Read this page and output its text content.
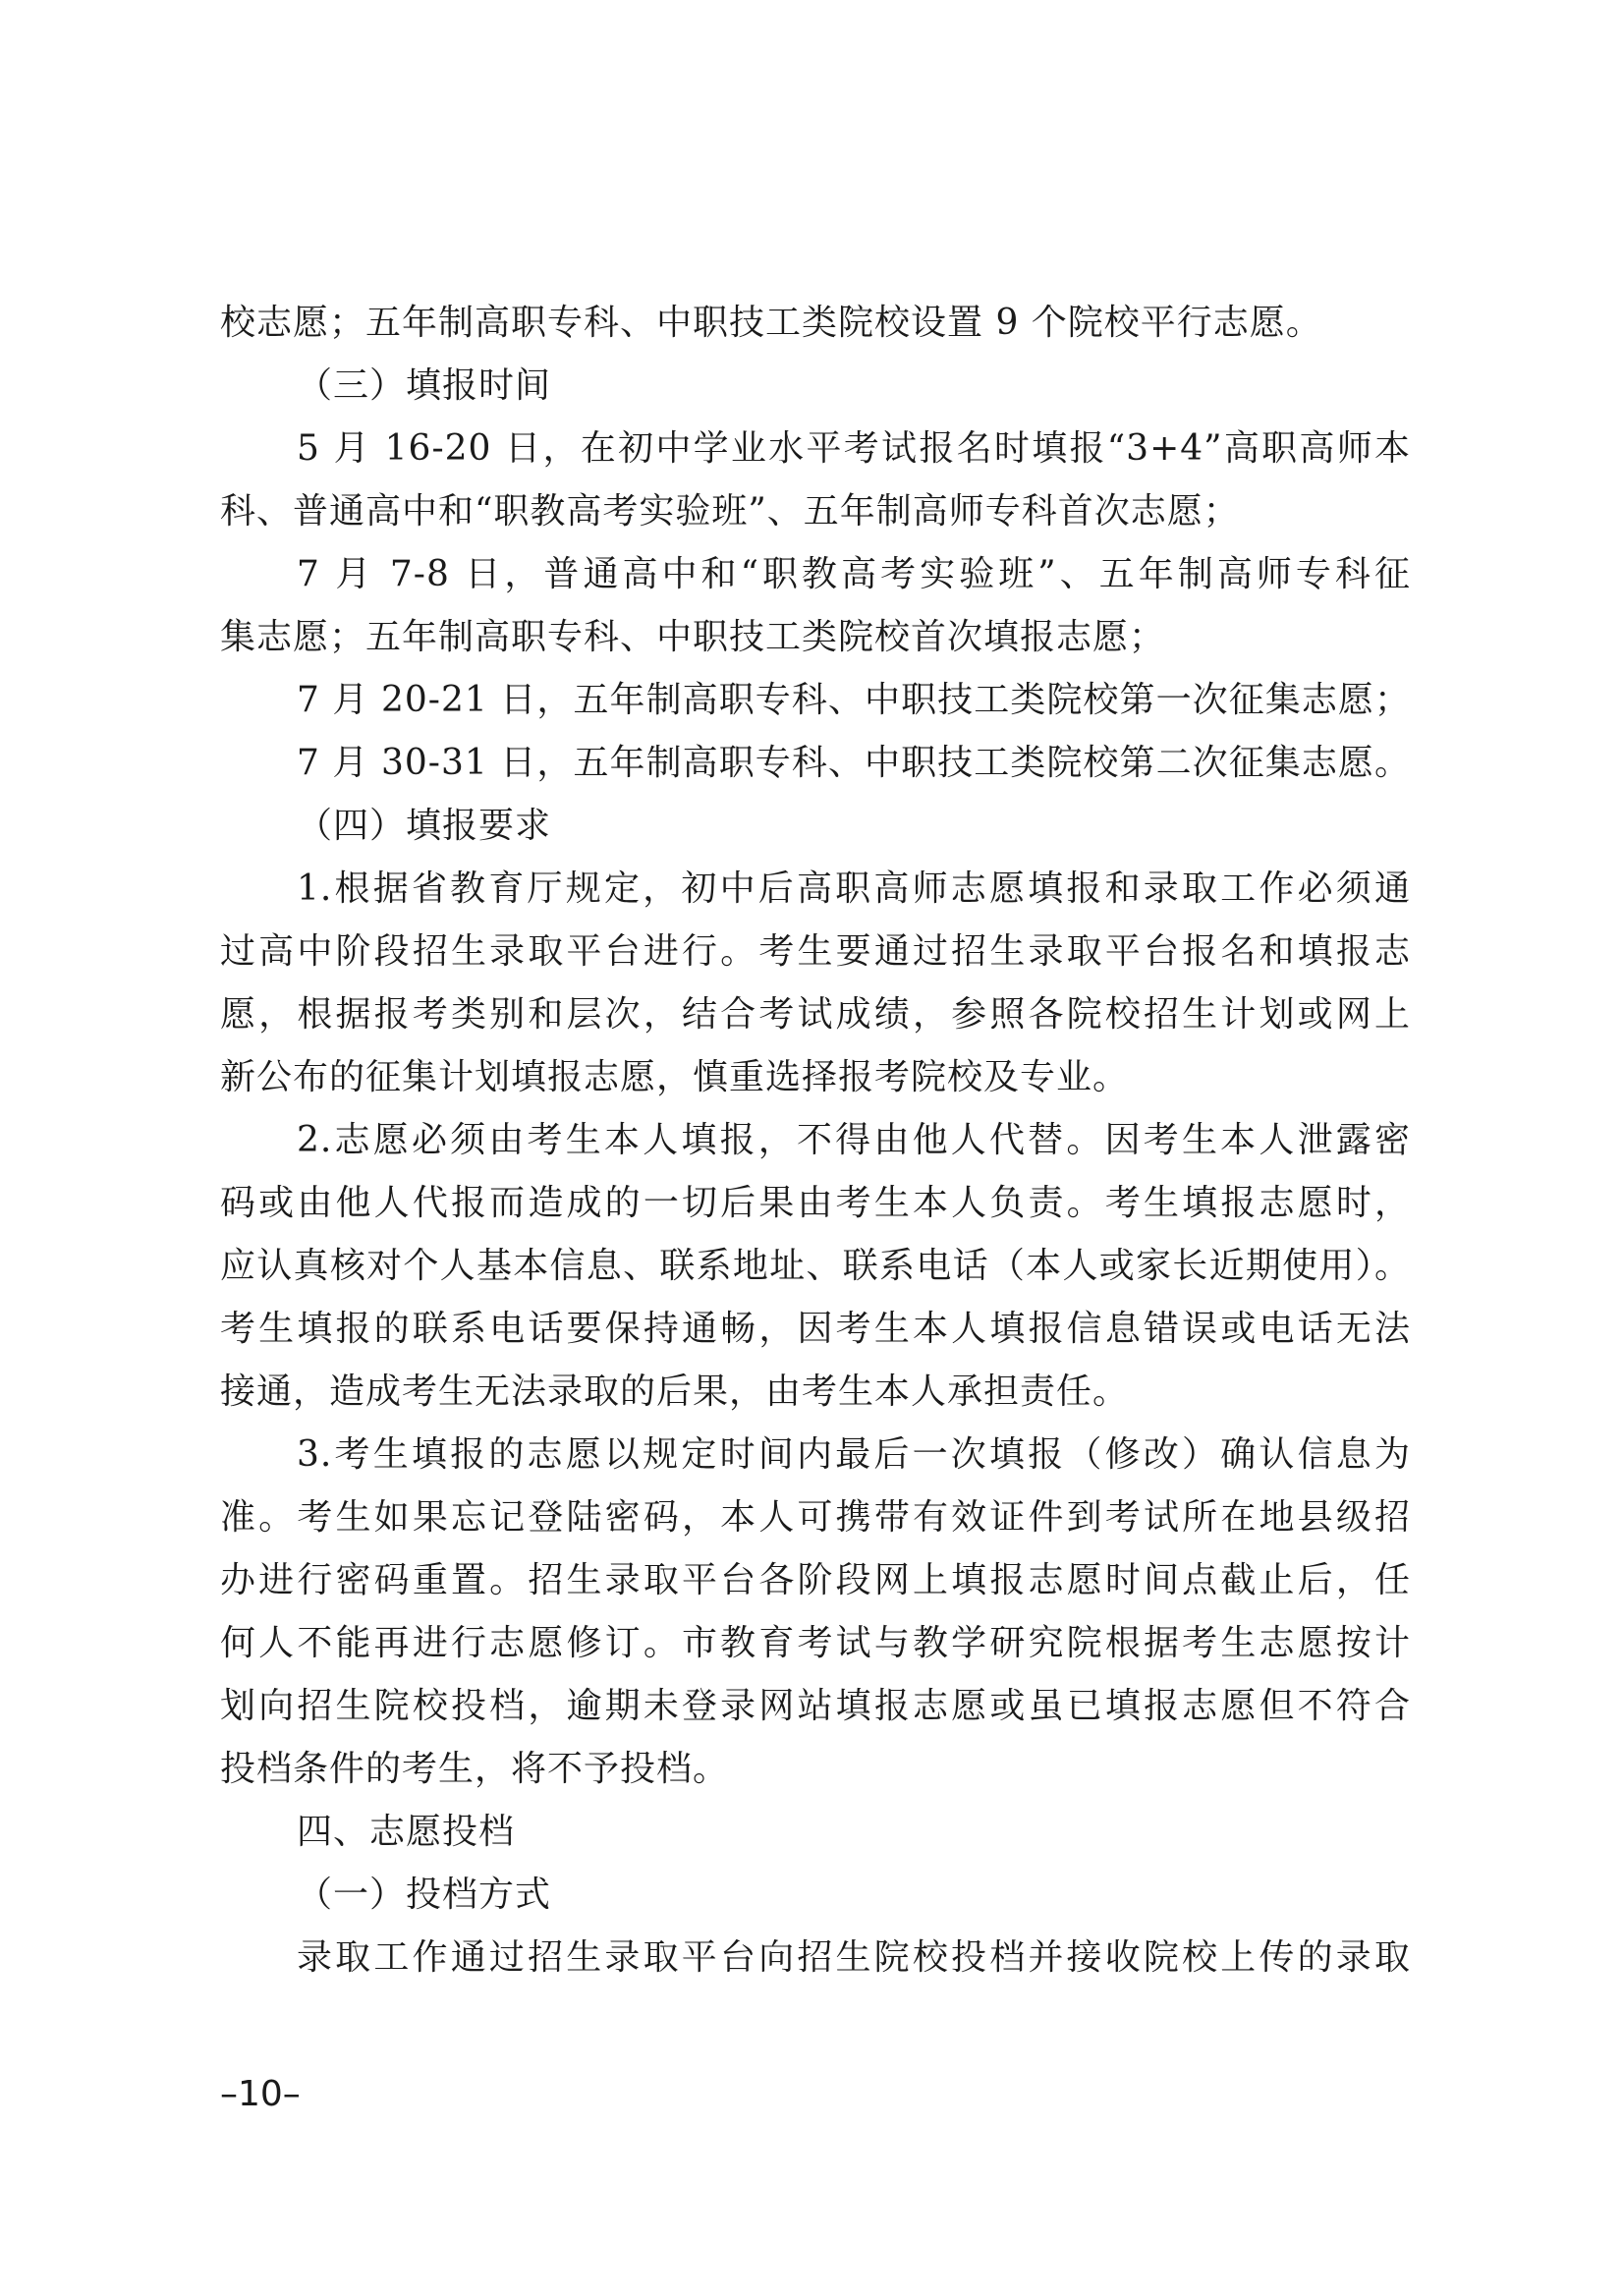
校志愿；五年制高职专科、中职技工类院校设置 9 个院校平行志愿。
（三）填报时间
5 月 16-20 日，在初中学业水平考试报名时填报“3+4”高职高师本
科、普通高中和“职教高考实验班”、五年制高师专科首次志愿；
7 月 7-8 日，普通高中和“职教高考实验班”、五年制高师专科征
集志愿；五年制高职专科、中职技工类院校首次填报志愿；
7 月 20-21 日，五年制高职专科、中职技工类院校第一次征集志愿；
7 月 30-31 日，五年制高职专科、中职技工类院校第二次征集志愿。
（四）填报要求
1.根据省教育厅规定，初中后高职高师志愿填报和录取工作必须通
过高中阶段招生录取平台进行。考生要通过招生录取平台报名和填报志
愿，根据报考类别和层次，结合考试成绩，参照各院校招生计划或网上
新公布的征集计划填报志愿，慎重选择报考院校及专业。
2.志愿必须由考生本人填报，不得由他人代替。因考生本人泄露密
码或由他人代报而造成的一切后果由考生本人负责。考生填报志愿时，
应认真核对个人基本信息、联系地址、联系电话（本人或家长近期使用）。
考生填报的联系电话要保持通畅，因考生本人填报信息错误或电话无法
接通，造成考生无法录取的后果，由考生本人承担责任。
3.考生填报的志愿以规定时间内最后一次填报（修改）确认信息为
准。考生如果忘记登陆密码，本人可携带有效证件到考试所在地县级招
办进行密码重置。招生录取平台各阶段网上填报志愿时间点截止后，任
何人不能再进行志愿修订。市教育考试与教学研究院根据考生志愿按计
划向招生院校投档，逾期未登录网站填报志愿或虽已填报志愿但不符合
投档条件的考生，将不予投档。
四、志愿投档
（一）投档方式
录取工作通过招生录取平台向招生院校投档并接收院校上传的录取
–10–
